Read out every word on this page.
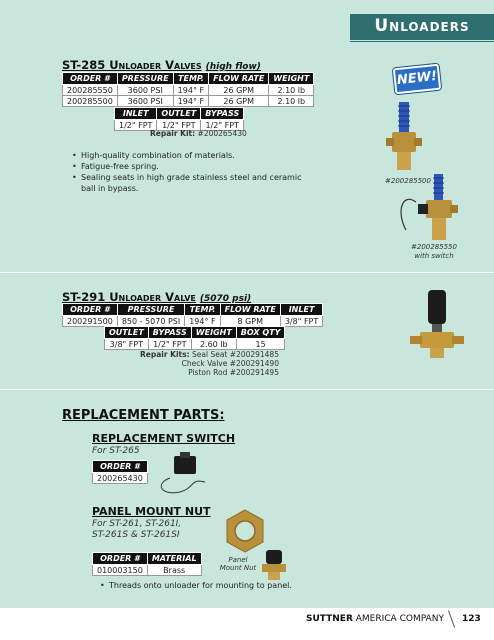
Unloaders
ST-285 Unloader Valves (high flow)
ORDER #	PRESSURE	TEMP.	FLOW RATE	WEIGHT
200285550	3600 PSI	194° F	26 GPM	2.10 lb
200285500	3600 PSI	194° F	26 GPM	2.10 lb
INLET	OUTLET	BYPASS
1/2" FPT	1/2" FPT	1/2" FPT
Repair Kit: #200265430
• High-quality combination of materials.
• Fatigue-free spring.
• Sealing seats in high grade stainless steel and ceramic ball in bypass.
NEW!
#200285500
#200285550
with switch
ST-291 Unloader Valve (5070 psi)
ORDER #	PRESSURE	TEMP.	FLOW RATE	INLET
200291500	850 - 5070 PSI	194° F	8 GPM	3/8" FPT
OUTLET	BYPASS	WEIGHT	BOX QTY
3/8" FPT	1/2" FPT	2.60 lb	15
Repair Kits: Seal Seat #200291485
Check Valve #200291490
Piston Rod #200291495
REPLACEMENT PARTS:
REPLACEMENT SWITCH
For ST-265
ORDER #
200265430
PANEL MOUNT NUT
For ST-261, ST-261I,
ST-261S & ST-261SI
ORDER #	MATERIAL
010003150	Brass
Panel
Mount Nut
• Threads onto unloader for mounting to panel.
SUTTNER AMERICA COMPANY 123
